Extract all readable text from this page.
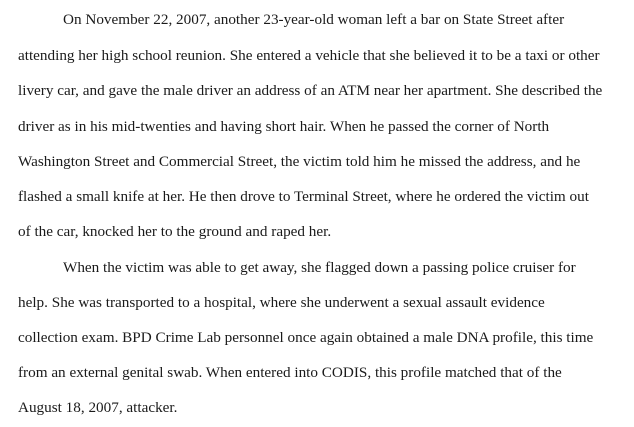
On November 22, 2007, another 23-year-old woman left a bar on State Street after
attending her high school reunion. She entered a vehicle that she believed it to be a taxi or other
livery car, and gave the male driver an address of an ATM near her apartment. She described the
driver as in his mid-twenties and having short hair. When he passed the corner of North
Washington Street and Commercial Street, the victim told him he missed the address, and he
flashed a small knife at her. He then drove to Terminal Street, where he ordered the victim out
of the car, knocked her to the ground and raped her.
When the victim was able to get away, she flagged down a passing police cruiser for
help. She was transported to a hospital, where she underwent a sexual assault evidence
collection exam. BPD Crime Lab personnel once again obtained a male DNA profile, this time
from an external genital swab. When entered into CODIS, this profile matched that of the
August 18, 2007, attacker.
